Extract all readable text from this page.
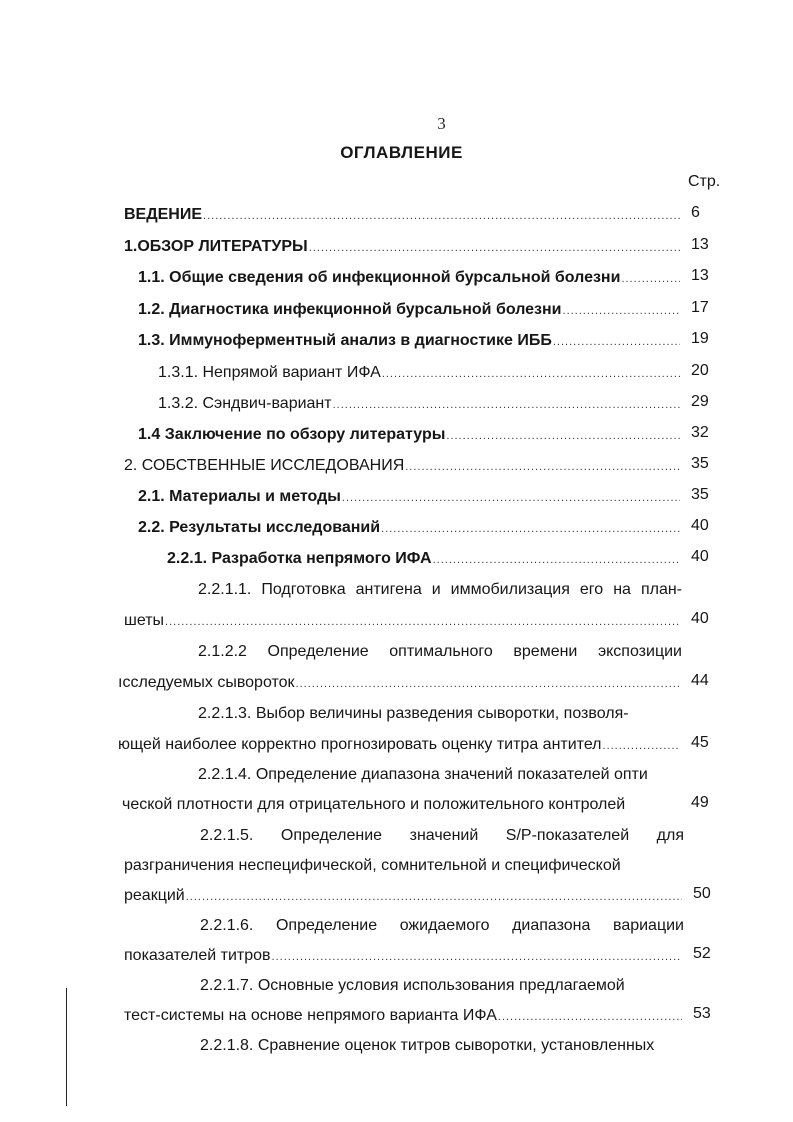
3
ОГЛАВЛЕНИЕ
Стр.
ВЕДЕНИЕ .....	6
1.ОБЗОР ЛИТЕРАТУРЫ .....	13
1.1. Общие сведения об инфекционной бурсальной болезни .....	13
1.2. Диагностика инфекционной бурсальной болезни .....	17
1.3. Иммуноферментный анализ в диагностике ИББ .....	19
1.3.1. Непрямой вариант ИФА .....	20
1.3.2. Сэндвич-вариант .....	29
1.4 Заключение по обзору литературы .....	32
2. СОБСТВЕННЫЕ ИССЛЕДОВАНИЯ .....	35
2.1. Материалы и методы .....	35
2.2. Результаты исследований .....	40
2.2.1. Разработка непрямого ИФА .....	40
2.2.1.1. Подготовка антигена и иммобилизация его на план-
шеты .....	40
2.1.2.2 Определение оптимального времени экспозиции
ıсследуемых сывороток .....	44
2.2.1.3. Выбор величины разведения сыворотки, позволя-
ющей наиболее корректно прогнозировать оценку титра антител .....	45
2.2.1.4. Определение диапазона значений показателей опти
ческой плотности для отрицательного и положительного контролей	49
2.2.1.5. Определение значений S/P-показателей для
разграничения неспецифической, сомнительной и специфической
реакций .....	50
2.2.1.6. Определение ожидаемого диапазона вариации
показателей титров .....	52
2.2.1.7. Основные условия использования предлагаемой
тест-системы на основе непрямого варианта ИФА .....	53
2.2.1.8. Сравнение оценок титров сыворотки, установленных
